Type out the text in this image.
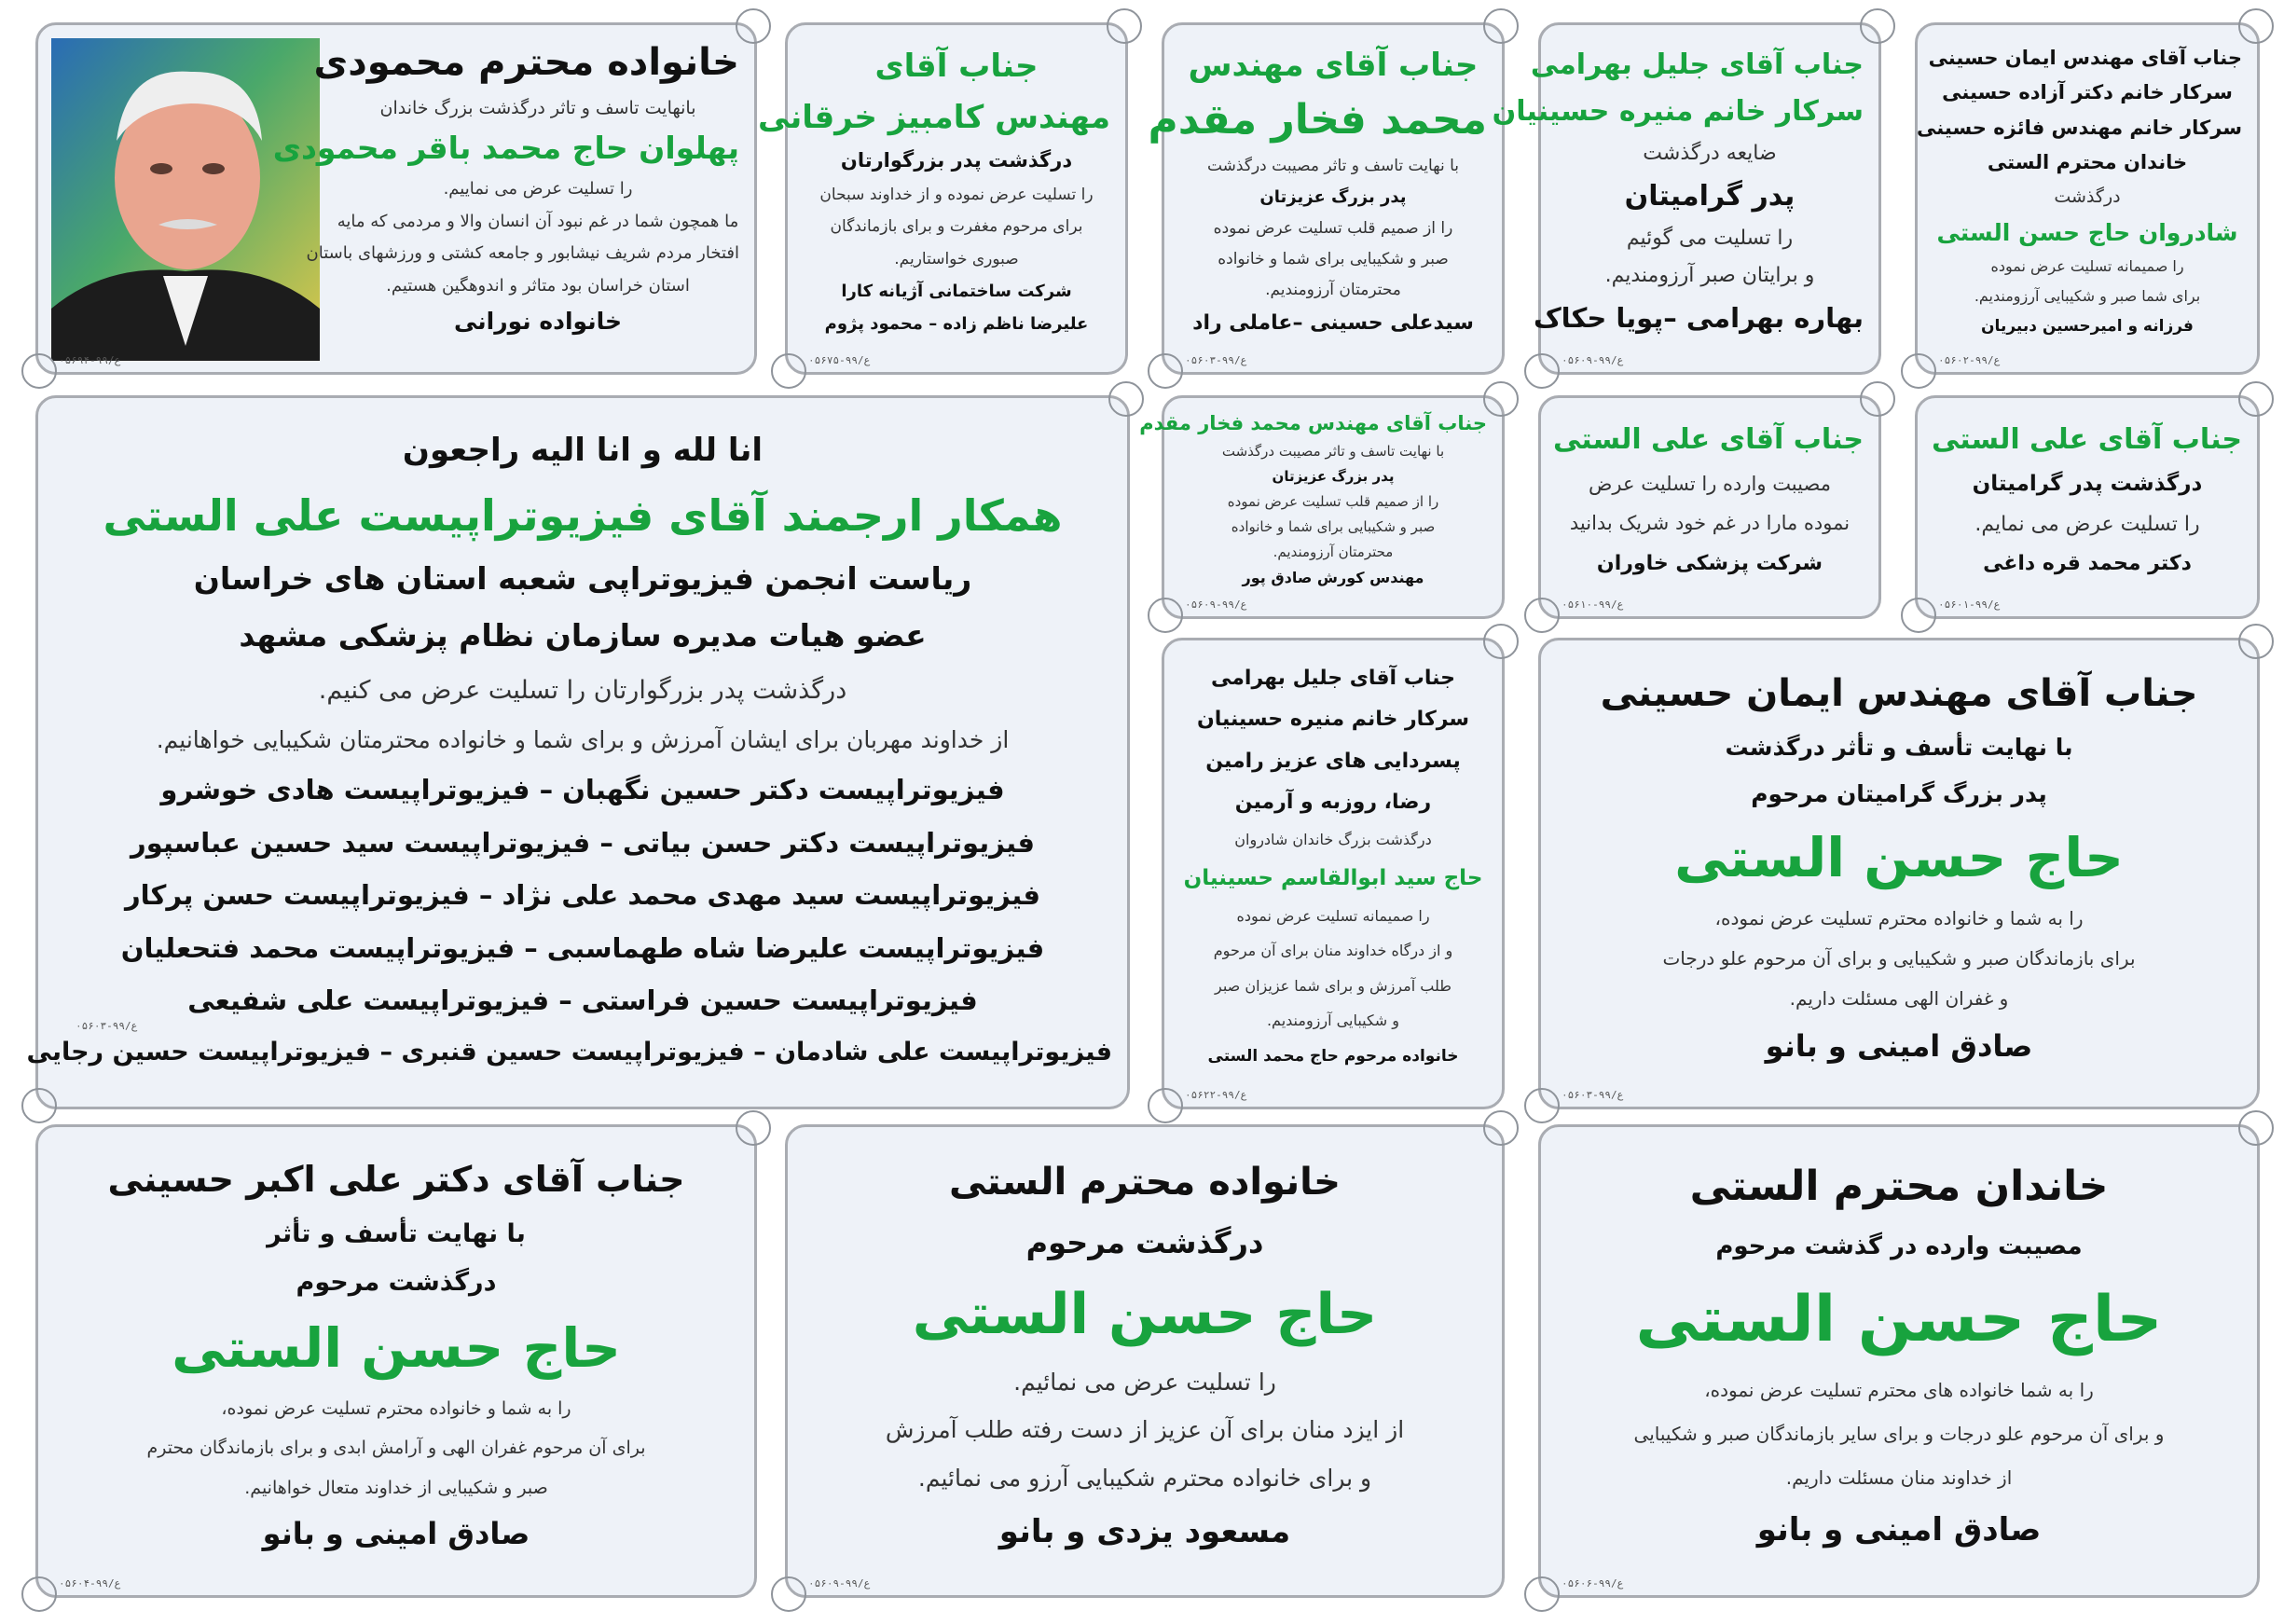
خانواده محترم محمودی
بانهایت تاسف و تاثر درگذشت بزرگ خاندان
پهلوان حاج محمد باقر محمودی
را تسلیت عرض می نماییم.
ما همچون شما در غم نبود آن انسان والا و مردمی که مایه
افتخار مردم شریف نیشابور و جامعه کشتی و ورزشهای باستان
استان خراسان بود متاثر و اندوهگین هستیم.
خانواده نورانی
ع/۹۹-۰۵۶۹۴
جناب آقای
مهندس کامبیز خرقانی
درگذشت پدر بزرگوارتان
را تسلیت عرض نموده و از خداوند سبحان
برای مرحوم مغفرت و برای بازماندگان
صبوری خواستاریم.
شرکت ساختمانی آژیانه کارا
علیرضا ناظم زاده – محمود پژوم
ع/۹۹-۰۵۶۷۵
جناب آقای مهندس
محمد فخار مقدم
با نهایت تاسف و تاثر مصیبت درگذشت
پدر بزرگ عزیزتان
را از صمیم قلب تسلیت عرض نموده
صبر و شکیبایی برای شما و خانواده
محترمتان آرزومندیم.
سیدعلی حسینی –عاملی راد
ع/۹۹-۰۵۶۰۳
جناب آقای جلیل بهرامی
سرکار خانم منیره حسینیان
ضایعه درگذشت
پدر گرامیتان
را تسلیت می گوئیم
و برایتان صبر آرزومندیم.
بهاره بهرامی –پویا حکاک
ع/۹۹-۰۵۶۰۹
جناب آقای مهندس ایمان حسینی
سرکار خانم دکتر آزاده حسینی
سرکار خانم مهندس فائزه حسینی
خاندان محترم الستی
درگذشت
شادروان حاج حسن الستی
را صمیمانه تسلیت عرض نموده
برای شما صبر و شکیبایی آرزومندیم.
فرزانه و امیرحسین دبیریان
ع/۹۹-۰۵۶۰۲
انا لله و انا الیه راجعون
همکار ارجمند آقای فیزیوتراپیست علی الستی
ریاست انجمن فیزیوتراپی شعبه استان های خراسان
عضو هیات مدیره سازمان نظام پزشکی مشهد
درگذشت پدر بزرگوارتان را تسلیت عرض می کنیم.
از خداوند مهربان برای ایشان آمرزش و برای شما و خانواده محترمتان شکیبایی خواهانیم.
فیزیوتراپیست دکتر حسین نگهبان – فیزیوتراپیست هادی خوشرو
فیزیوتراپیست دکتر حسن بیاتی – فیزیوتراپیست سید حسین عباسپور
فیزیوتراپیست سید مهدی محمد علی نژاد – فیزیوتراپیست حسن پرکار
فیزیوتراپیست علیرضا شاه طهماسبی – فیزیوتراپیست محمد فتحعلیان
فیزیوتراپیست حسین فراستی – فیزیوتراپیست علی شفیعی
فیزیوتراپیست علی شادمان – فیزیوتراپیست حسین قنبری – فیزیوتراپیست حسین رجایی
ع/۹۹-۰۵۶۰۳
جناب آقای مهندس محمد فخار مقدم
با نهایت تاسف و تاثر مصیبت درگذشت
پدر بزرگ عزیزتان
را از صمیم قلب تسلیت عرض نموده
صبر و شکیبایی برای شما و خانواده
محترمتان آرزومندیم.
مهندس کورش صادق پور
ع/۹۹-۰۵۶۰۹
جناب آقای علی الستی
مصیبت وارده را تسلیت عرض
نموده مارا در غم خود شریک بدانید
شرکت پزشکی خاوران
ع/۹۹-۰۵۶۱۰
جناب آقای علی الستی
درگذشت پدر گرامیتان
را تسلیت عرض می نمایم.
دکتر محمد قره داغی
ع/۹۹-۰۵۶۰۱
جناب آقای جلیل بهرامی
سرکار خانم منیره حسینیان
پسردایی های عزیز رامین
رضا، روزبه و آرمین
درگذشت بزرگ خاندان شادروان
حاج سید ابوالقاسم حسینیان
را صمیمانه تسلیت عرض نموده
و از درگاه خداوند منان برای آن مرحوم
طلب آمرزش و برای شما عزیزان صبر
و شکیبایی آرزومندیم.
خانواده مرحوم حاج محمد الستی
ع/۹۹-۰۵۶۲۲
جناب آقای مهندس ایمان حسینی
با نهایت تأسف و تأثر درگذشت
پدر بزرگ گرامیتان مرحوم
حاج حسن الستی
را به شما و خانواده محترم تسلیت عرض نموده،
برای بازماندگان صبر و شکیبایی و برای آن مرحوم علو درجات
و غفران الهی مسئلت داریم.
صادق امینی و بانو
ع/۹۹-۰۵۶۰۳
جناب آقای دکتر علی اکبر حسینی
با نهایت تأسف و تأثر
درگذشت مرحوم
حاج حسن الستی
را به شما و خانواده محترم تسلیت عرض نموده،
برای آن مرحوم غفران الهی و آرامش ابدی و برای بازماندگان محترم
صبر و شکیبایی از خداوند متعال خواهانیم.
صادق امینی و بانو
ع/۹۹-۰۵۶۰۴
خانواده محترم الستی
درگذشت مرحوم
حاج حسن الستی
را تسلیت عرض می نمائیم.
از ایزد منان برای آن عزیز از دست رفته طلب آمرزش
و برای خانواده محترم شکیبایی آرزو می نمائیم.
مسعود یزدی و بانو
ع/۹۹-۰۵۶۰۹
خاندان محترم الستی
مصیبت وارده در گذشت مرحوم
حاج حسن الستی
را به شما خانواده های محترم تسلیت عرض نموده،
و برای آن مرحوم علو درجات و برای سایر بازماندگان صبر و شکیبایی
از خداوند منان مسئلت داریم.
صادق امینی و بانو
ع/۹۹-۰۵۶۰۶
